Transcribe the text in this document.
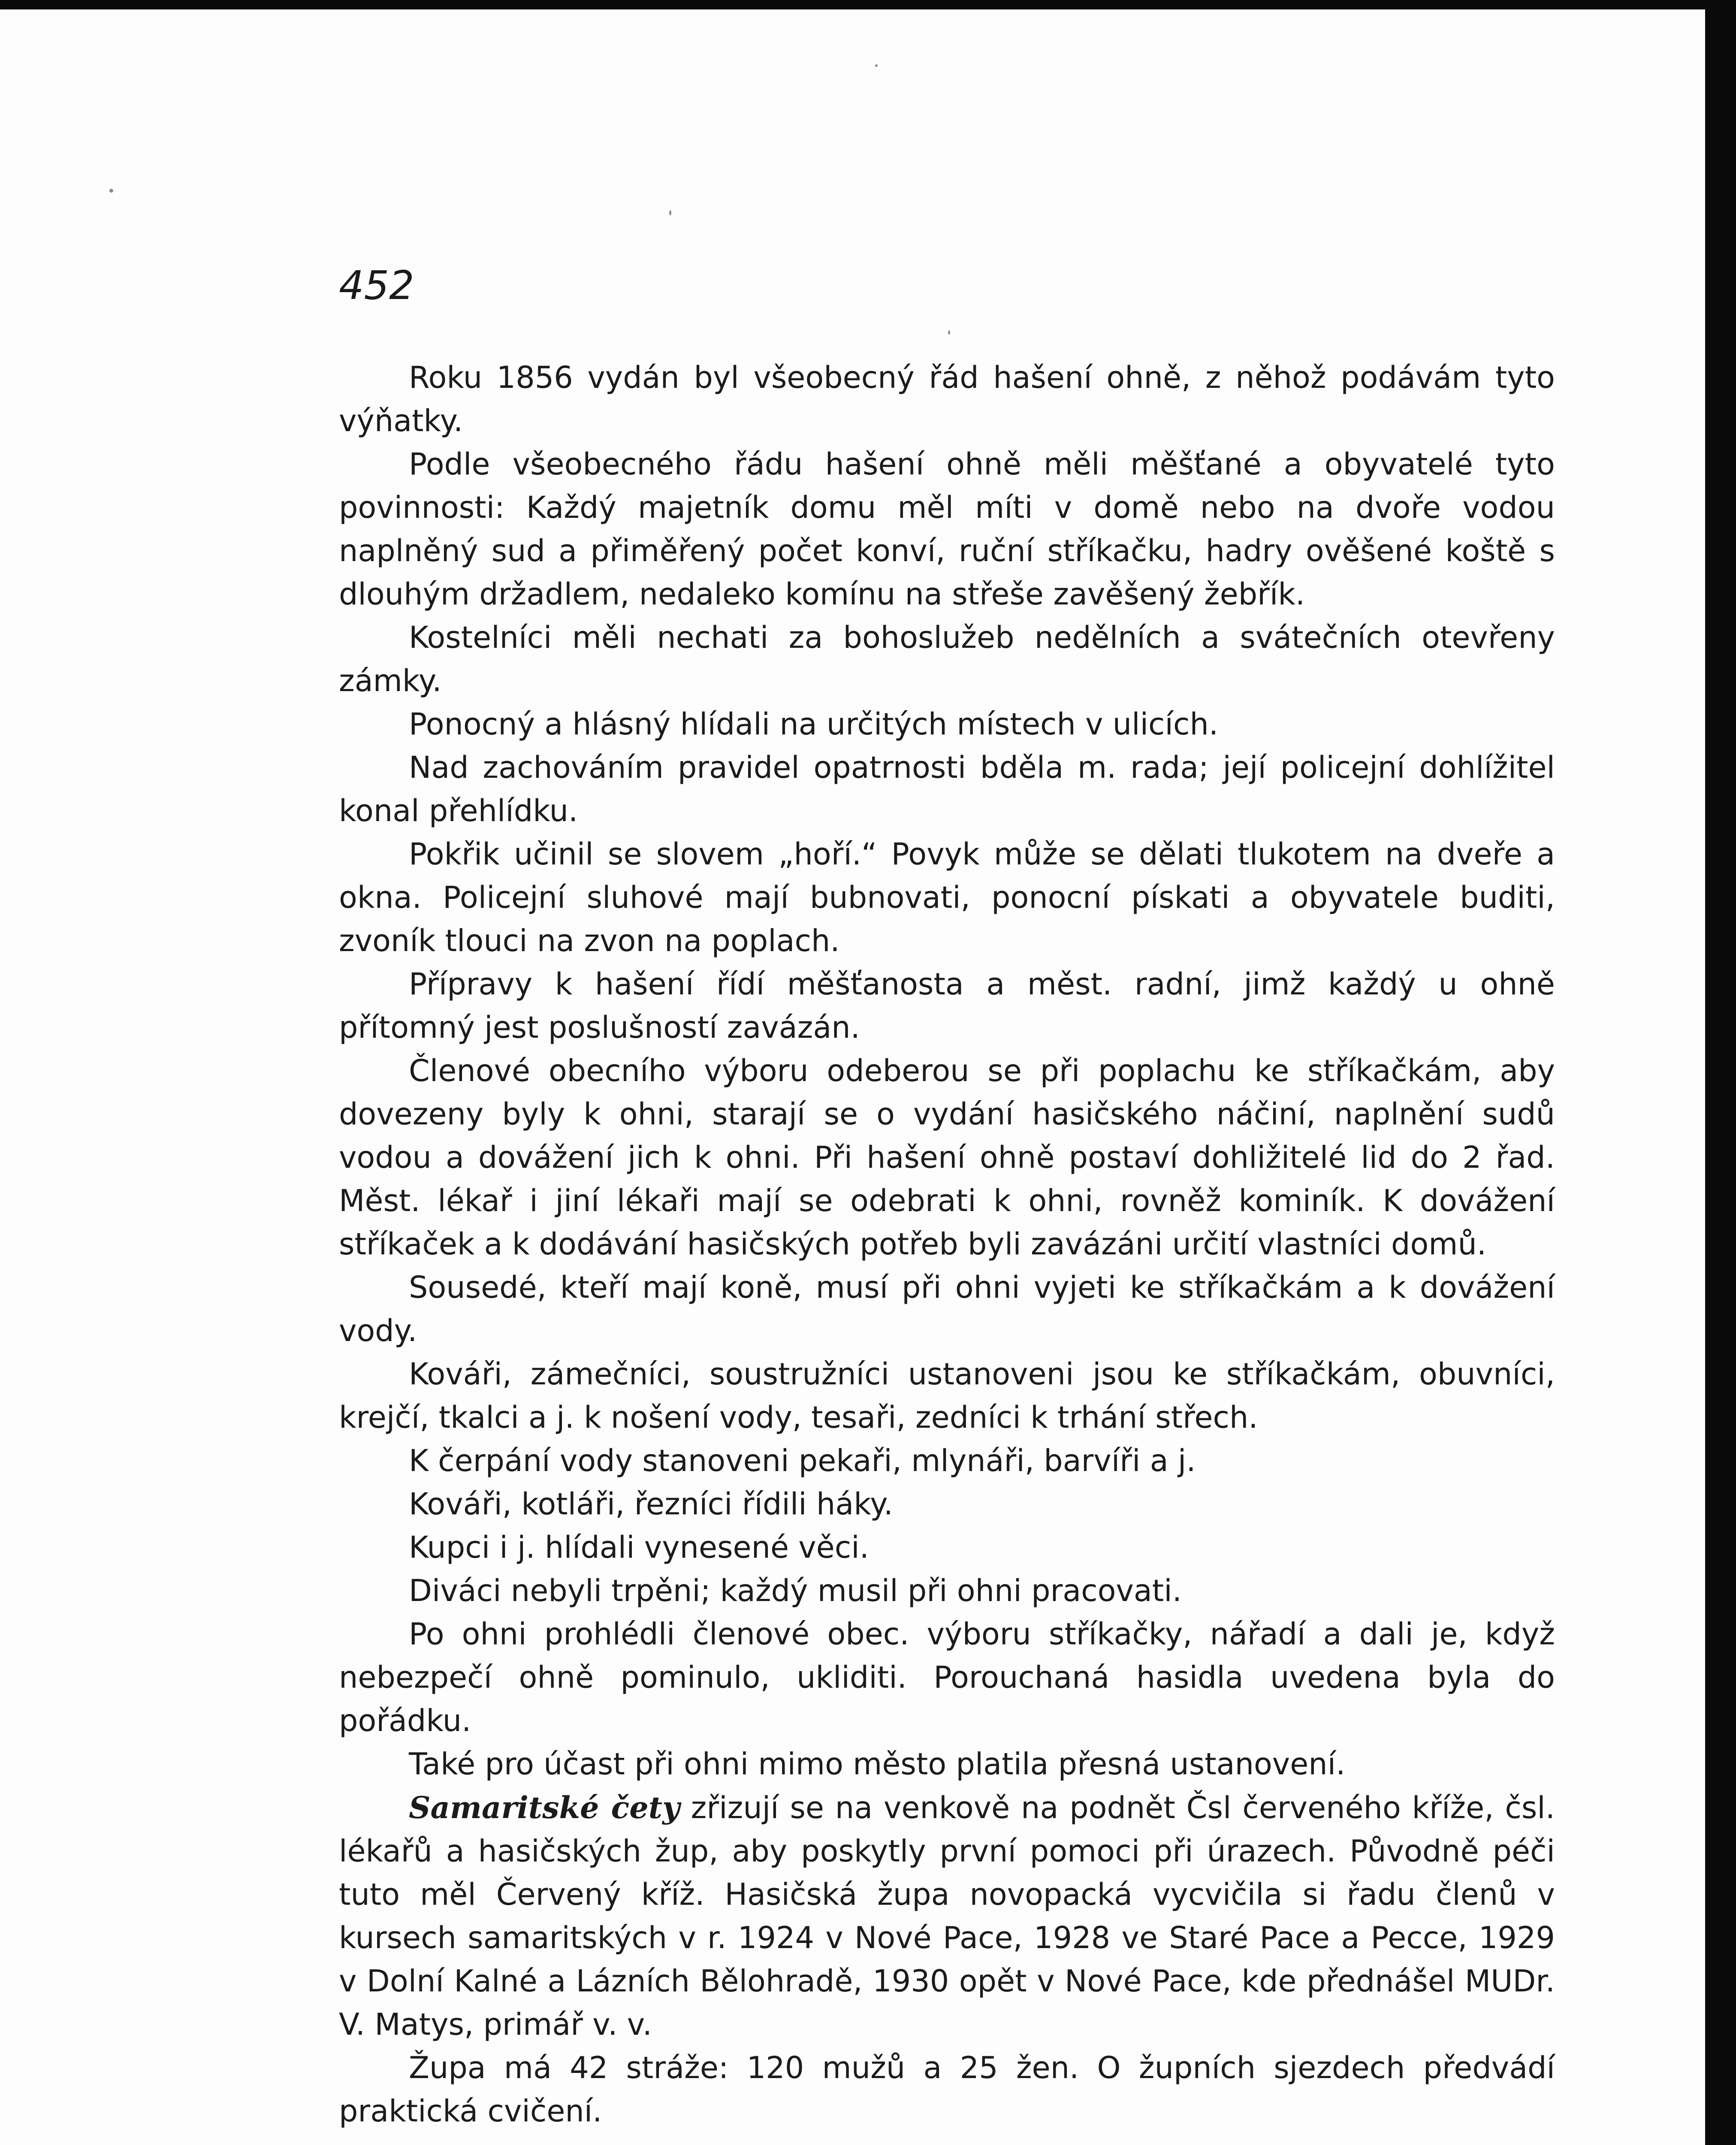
452

Roku 1856 vydán byl všeobecný řád hašení ohně, z něhož podávám tyto výňatky.

Podle všeobecného řádu hašení ohně měli měšťané a obyvatelé tyto povinnosti: Každý majetník domu měl míti v domě nebo na dvoře vodou naplněný sud a přiměřený počet konví, ruční stříkačku, hadry ověšené koště s dlouhým držadlem, nedaleko komínu na střeše zavěšený žebřík.

Kostelníci měli nechati za bohoslužeb nedělních a svátečních otevřeny zámky.

Ponocný a hlásný hlídali na určitých místech v ulicích.

Nad zachováním pravidel opatrnosti bděla m. rada; její policejní dohlížitel konal přehlídku.

Pokřik učinil se slovem „hoří.“ Povyk může se dělati tlukotem na dveře a okna. Policejní sluhové mají bubnovati, ponocní pískati a obyvatele buditi, zvoník tlouci na zvon na poplach.

Přípravy k hašení řídí měšťanosta a měst. radní, jimž každý u ohně přítomný jest poslušností zavázán.

Členové obecního výboru odeberou se při poplachu ke stříkačkám, aby dovezeny byly k ohni, starají se o vydání hasičského náčiní, naplnění sudů vodou a dovážení jich k ohni. Při hašení ohně postaví dohližitelé lid do 2 řad. Měst. lékař i jiní lékaři mají se odebrati k ohni, rovněž kominík. K dovážení stříkaček a k dodávání hasičských potřeb byli zavázáni určití vlastníci domů.

Sousedé, kteří mají koně, musí při ohni vyjeti ke stříkačkám a k dovážení vody.

Kováři, zámečníci, soustružníci ustanoveni jsou ke stříkačkám, obuvníci, krejčí, tkalci a j. k nošení vody, tesaři, zedníci k trhání střech.

K čerpání vody stanoveni pekaři, mlynáři, barvíři a j.

Kováři, kotláři, řezníci řídili háky.

Kupci i j. hlídali vynesené věci.

Diváci nebyli trpěni; každý musil při ohni pracovati.

Po ohni prohlédli členové obec. výboru stříkačky, nářadí a dali je, když nebezpečí ohně pominulo, ukliditi. Porouchaná hasidla uvedena byla do pořádku.

Také pro účast při ohni mimo město platila přesná ustanovení.

Samaritské čety zřizují se na venkově na podnět Čsl červeného kříže, čsl. lékařů a hasičských žup, aby poskytly první pomoci při úrazech. Původně péči tuto měl Červený kříž. Hasičská župa novopacká vycvičila si řadu členů v kursech samaritských v r. 1924 v Nové Pace, 1928 ve Staré Pace a Pecce, 1929 v Dolní Kalné a Lázních Bělohradě, 1930 opět v Nové Pace, kde přednášel MUDr. V. Matys, primář v. v.

Župa má 42 stráže: 120 mužů a 25 žen. O župních sjezdech předvádí praktická cvičení.
